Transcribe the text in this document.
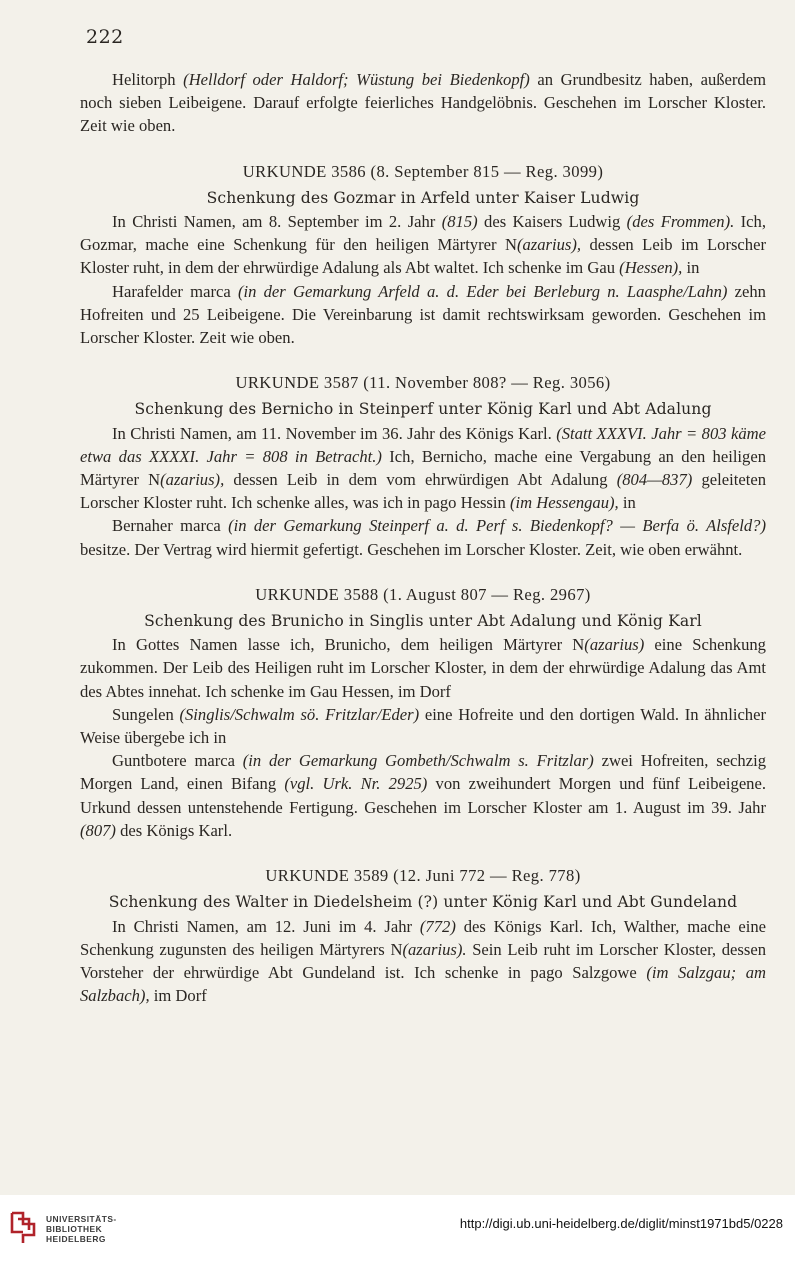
222

Helitorph (Helldorf oder Haldorf; Wüstung bei Biedenkopf) an Grundbesitz haben, außerdem noch sieben Leibeigene. Darauf erfolgte feierliches Handgelöbnis. Geschehen im Lorscher Kloster. Zeit wie oben.

URKUNDE 3586 (8. September 815 — Reg. 3099)
Schenkung des Gozmar in Arfeld unter Kaiser Ludwig

In Christi Namen, am 8. September im 2. Jahr (815) des Kaisers Ludwig (des Frommen). Ich, Gozmar, mache eine Schenkung für den heiligen Märtyrer N(azarius), dessen Leib im Lorscher Kloster ruht, in dem der ehrwürdige Adalung als Abt waltet. Ich schenke im Gau (Hessen), in

Harafelder marca (in der Gemarkung Arfeld a. d. Eder bei Berleburg n. Laasphe/Lahn) zehn Hofreiten und 25 Leibeigene. Die Vereinbarung ist damit rechtswirksam geworden. Geschehen im Lorscher Kloster. Zeit wie oben.

URKUNDE 3587 (11. November 808? — Reg. 3056)
Schenkung des Bernicho in Steinperf unter König Karl und Abt Adalung

In Christi Namen, am 11. November im 36. Jahr des Königs Karl. (Statt XXXVI. Jahr = 803 käme etwa das XXXXI. Jahr = 808 in Betracht.) Ich, Bernicho, mache eine Vergabung an den heiligen Märtyrer N(azarius), dessen Leib in dem vom ehrwürdigen Abt Adalung (804—837) geleiteten Lorscher Kloster ruht. Ich schenke alles, was ich in pago Hessin (im Hessengau), in

Bernaher marca (in der Gemarkung Steinperf a. d. Perf s. Biedenkopf? — Berfa ö. Alsfeld?) besitze. Der Vertrag wird hiermit gefertigt. Geschehen im Lorscher Kloster. Zeit, wie oben erwähnt.

URKUNDE 3588 (1. August 807 — Reg. 2967)
Schenkung des Brunicho in Singlis unter Abt Adalung und König Karl

In Gottes Namen lasse ich, Brunicho, dem heiligen Märtyrer N(azarius) eine Schenkung zukommen. Der Leib des Heiligen ruht im Lorscher Kloster, in dem der ehrwürdige Adalung das Amt des Abtes innehat. Ich schenke im Gau Hessen, im Dorf

Sungelen (Singlis/Schwalm sö. Fritzlar/Eder) eine Hofreite und den dortigen Wald. In ähnlicher Weise übergebe ich in

Guntbotere marca (in der Gemarkung Gombeth/Schwalm s. Fritzlar) zwei Hofreiten, sechzig Morgen Land, einen Bifang (vgl. Urk. Nr. 2925) von zweihundert Morgen und fünf Leibeigene. Urkund dessen untenstehende Fertigung. Geschehen im Lorscher Kloster am 1. August im 39. Jahr (807) des Königs Karl.

URKUNDE 3589 (12. Juni 772 — Reg. 778)
Schenkung des Walter in Diedelsheim (?) unter König Karl und Abt Gundeland

In Christi Namen, am 12. Juni im 4. Jahr (772) des Königs Karl. Ich, Walther, mache eine Schenkung zugunsten des heiligen Märtyrers N(azarius). Sein Leib ruht im Lorscher Kloster, dessen Vorsteher der ehrwürdige Abt Gundeland ist. Ich schenke in pago Salzgowe (im Salzgau; am Salzbach), im Dorf

UNIVERSITÄTS-
BIBLIOTHEK
HEIDELBERG
http://digi.ub.uni-heidelberg.de/diglit/minst1971bd5/0228
